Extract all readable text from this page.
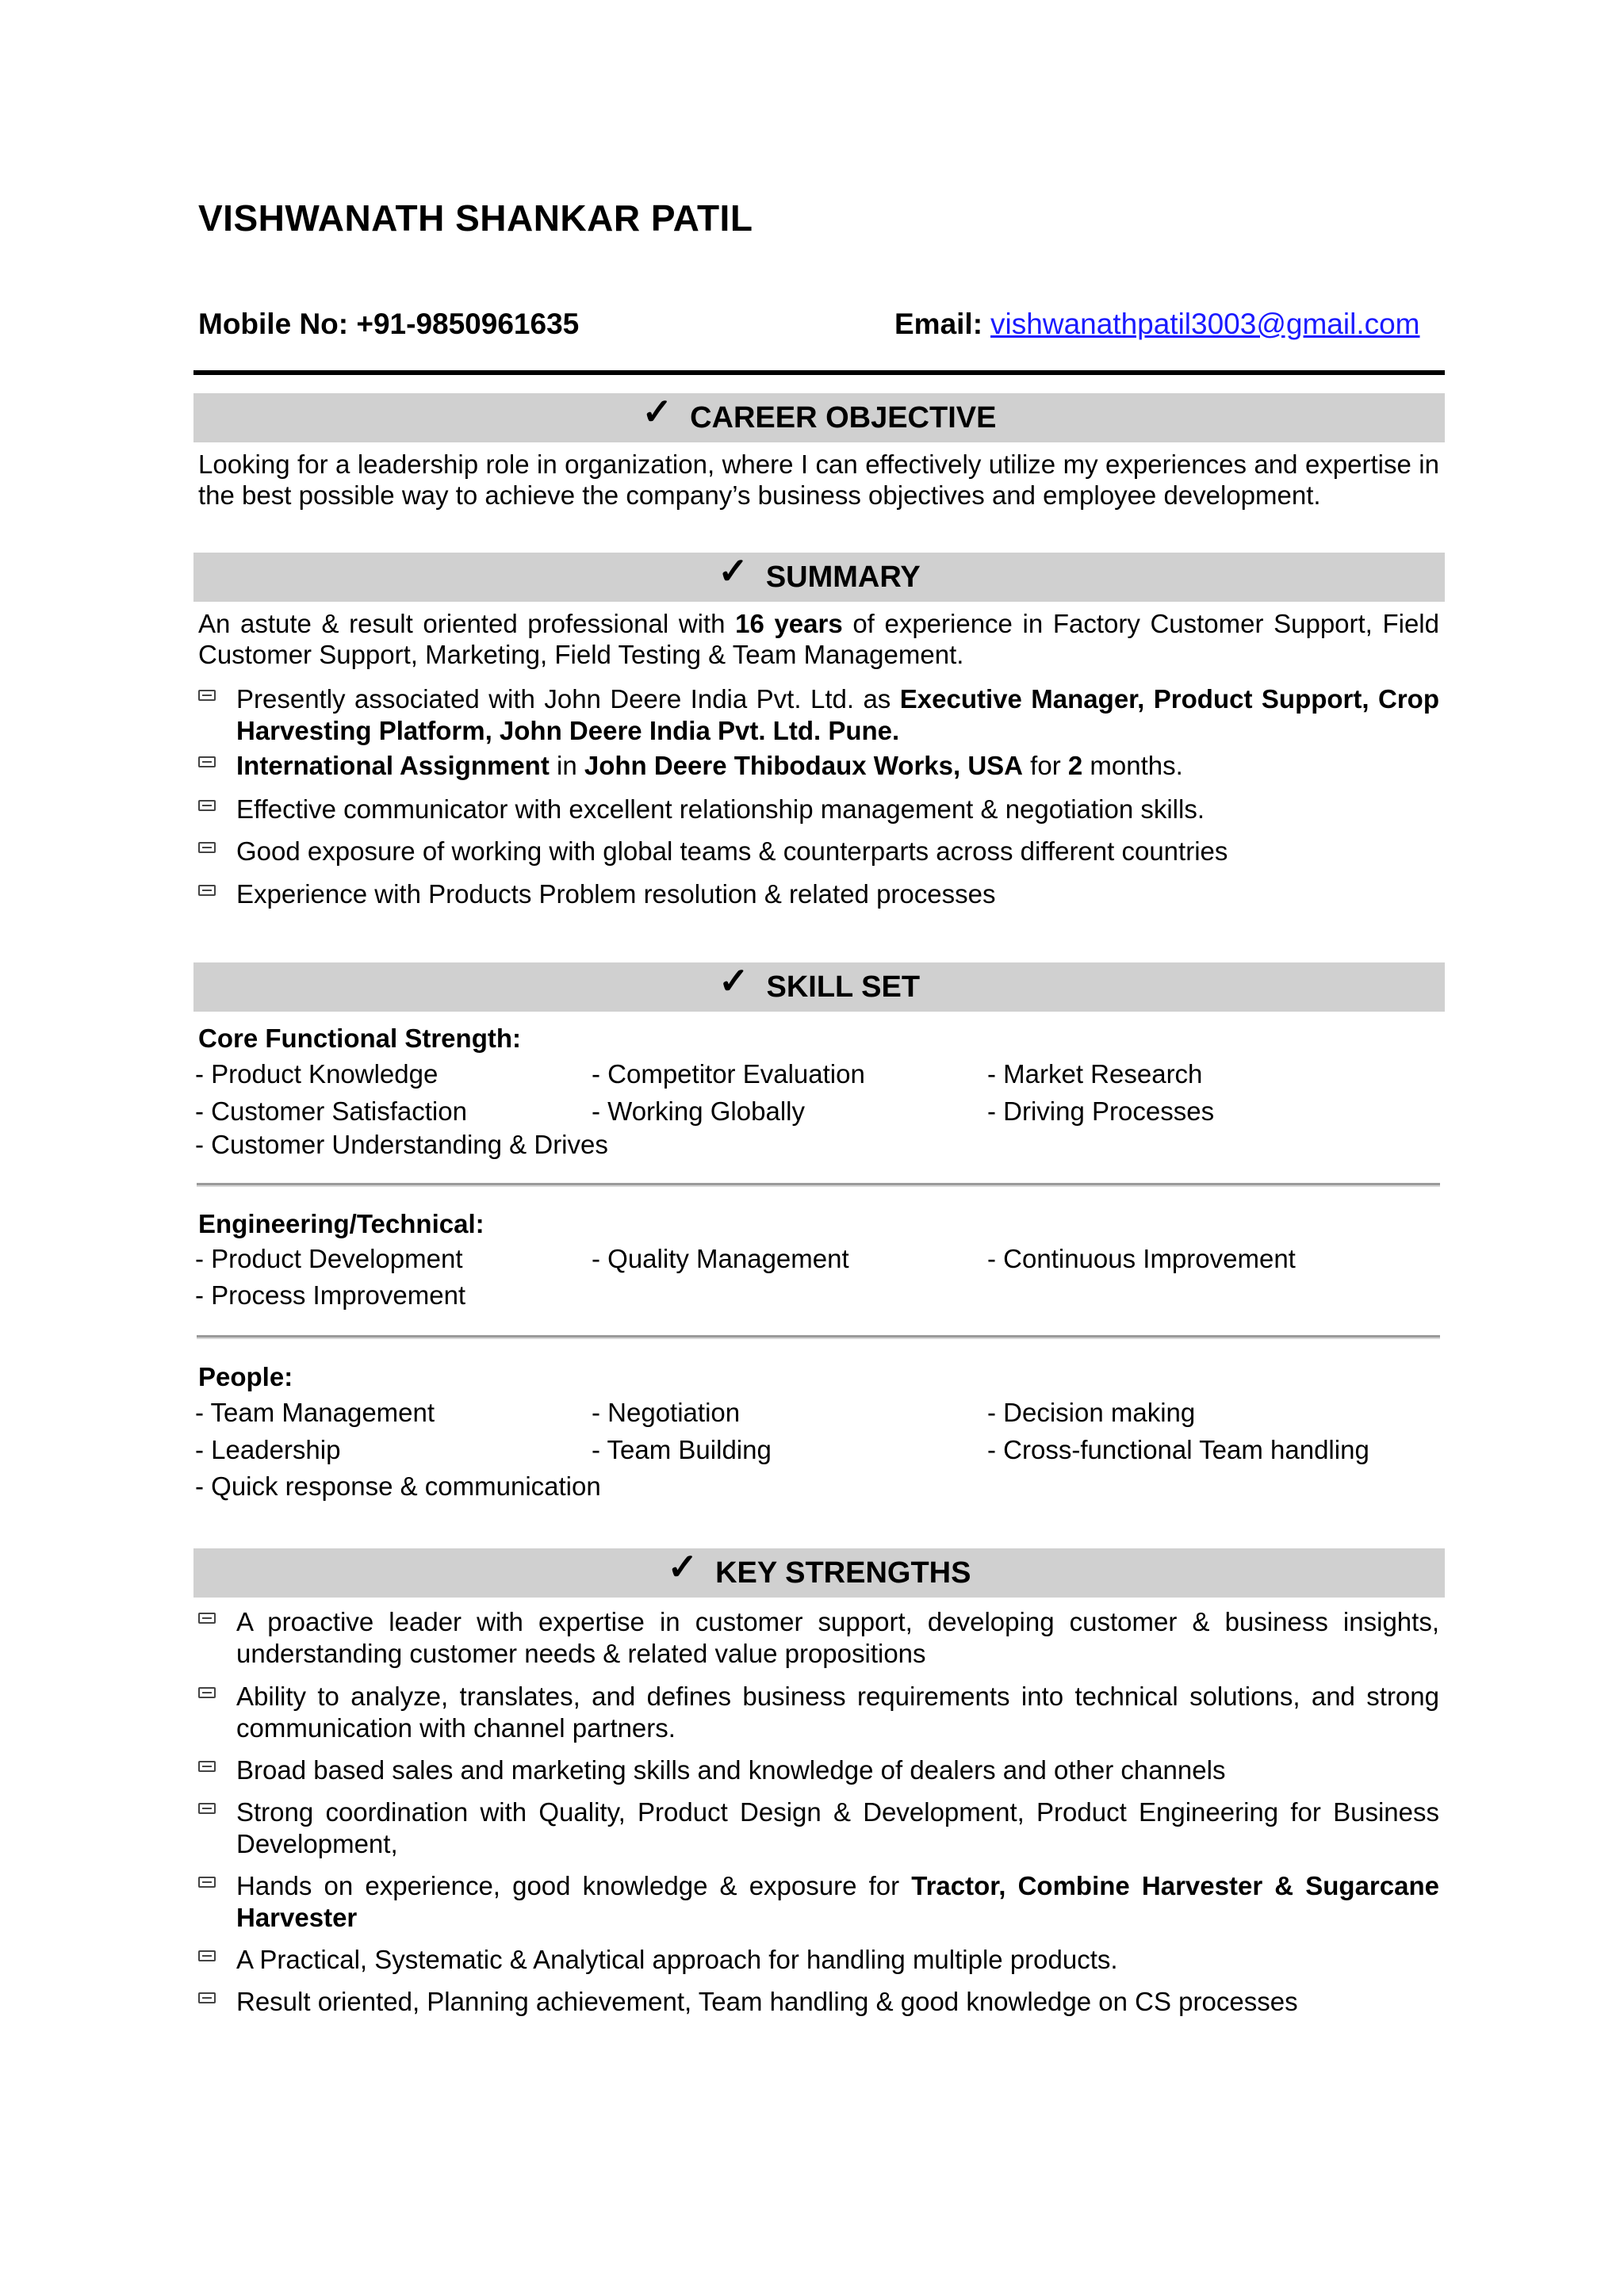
VISHWANATH SHANKAR PATIL
Mobile No: +91-9850961635	Email: vishwanathpatil3003@gmail.com
✓ CAREER OBJECTIVE
Looking for a leadership role in organization, where I can effectively utilize my experiences and expertise in the best possible way to achieve the company’s business objectives and employee development.
✓ SUMMARY
An astute & result oriented professional with 16 years of experience in Factory Customer Support, Field Customer Support, Marketing, Field Testing & Team Management.
Presently associated with John Deere India Pvt. Ltd. as Executive Manager, Product Support, Crop Harvesting Platform, John Deere India Pvt. Ltd. Pune.
International Assignment in John Deere Thibodaux Works, USA for 2 months.
Effective communicator with excellent relationship management & negotiation skills.
Good exposure of working with global teams & counterparts across different countries
Experience with Products Problem resolution & related processes
✓ SKILL SET
Core Functional Strength:
- Product Knowledge	- Competitor Evaluation	- Market Research
- Customer Satisfaction	- Working Globally	- Driving Processes
- Customer Understanding & Drives
Engineering/Technical:
- Product Development	- Quality Management	- Continuous Improvement
- Process Improvement
People:
- Team Management	- Negotiation	- Decision making
- Leadership	- Team Building	- Cross-functional Team handling
- Quick response & communication
✓ KEY STRENGTHS
A proactive leader with expertise in customer support, developing customer & business insights, understanding customer needs & related value propositions
Ability to analyze, translates, and defines business requirements into technical solutions, and strong communication with channel partners.
Broad based sales and marketing skills and knowledge of dealers and other channels
Strong coordination with Quality, Product Design & Development, Product Engineering for Business Development,
Hands on experience, good knowledge & exposure for Tractor, Combine Harvester & Sugarcane Harvester
A Practical, Systematic & Analytical approach for handling multiple products.
Result oriented, Planning achievement, Team handling & good knowledge on CS processes
